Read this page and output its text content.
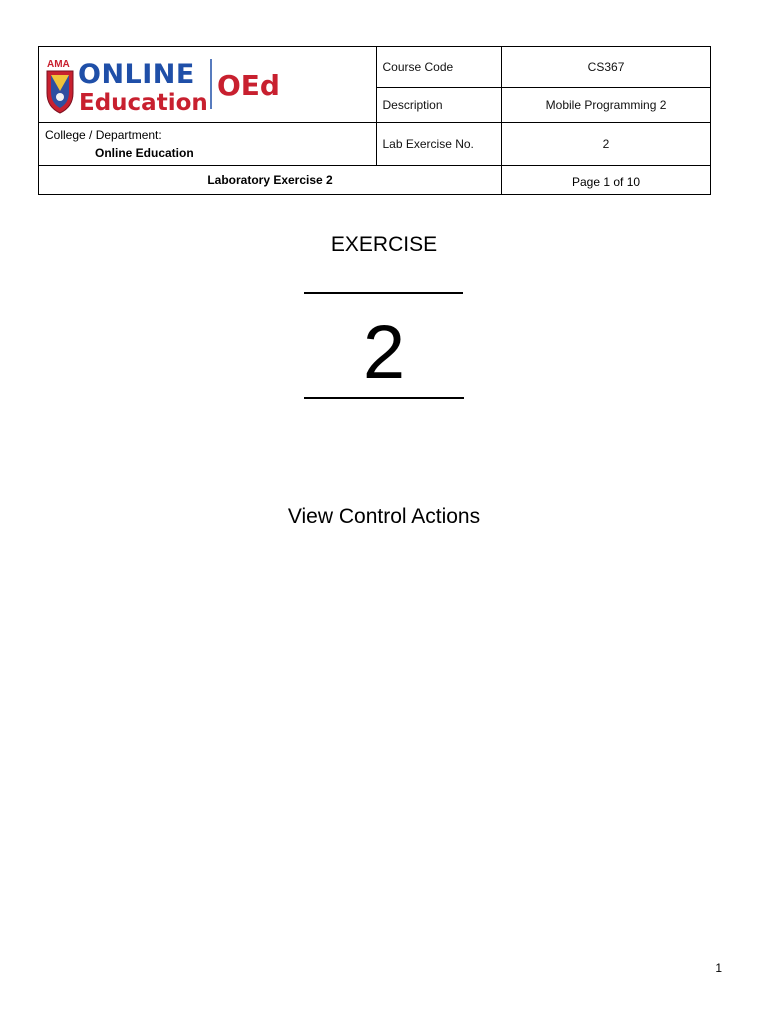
AMA ONLINE
Education
OEd	Course Code	CS367
	Description	Mobile Programming 2

College / Department:
Online Education	Lab Exercise No.	2
Laboratory Exercise 2		Page 1 of 10
EXERCISE
2
View Control Actions
1
